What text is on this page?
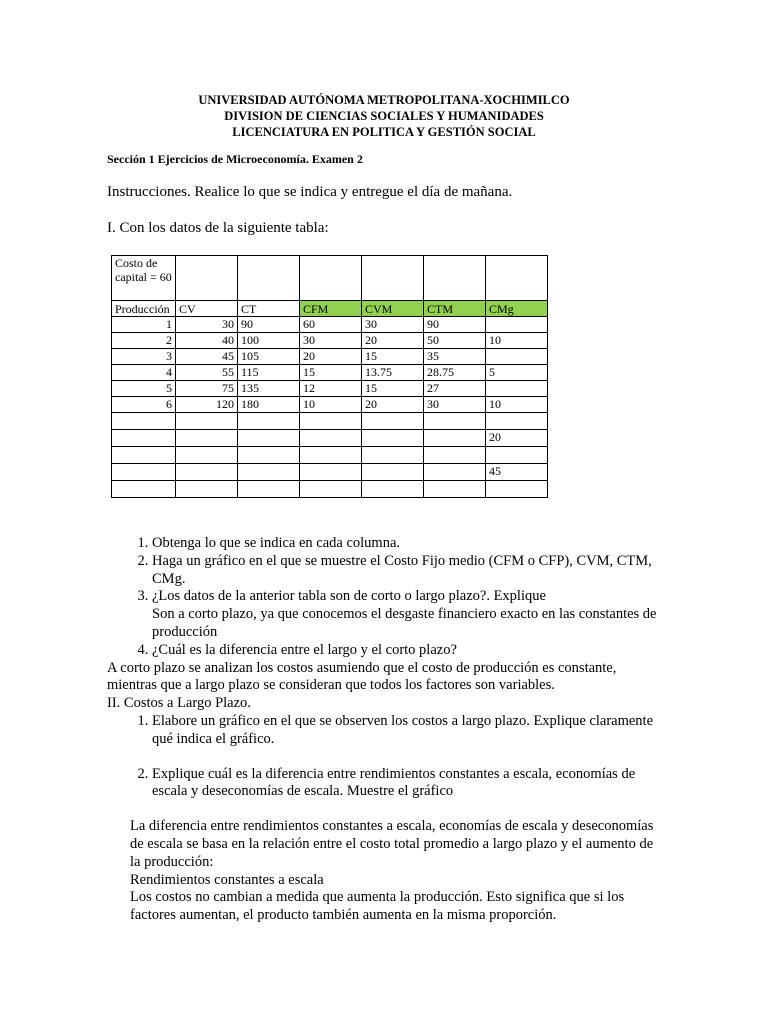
UNIVERSIDAD AUTÓNOMA METROPOLITANA-XOCHIMILCO
DIVISION DE CIENCIAS SOCIALES Y HUMANIDADES
LICENCIATURA EN POLITICA Y GESTIÓN SOCIAL
Sección 1 Ejercicios de Microeconomía. Examen 2
Instrucciones. Realice lo que se indica y entregue el día de mañana.
I. Con los datos de la siguiente tabla:
Costo de capital = 60						
Producción	CV	CT	CFM	CVM	CTM	CMg
1	30	90	60	30	90	
2	40	100	30	20	50	10
3	45	105	20	15	35	
4	55	115	15	13.75	28.75	5
5	75	135	12	15	27	
6	120	180	10	20	30	10

						20

						45

1. Obtenga lo que se indica en cada columna.
2. Haga un gráfico en el que se muestre el Costo Fijo medio (CFM o CFP), CVM, CTM, CMg.
3. ¿Los datos de la anterior tabla son de corto o largo plazo?. Explique
Son a corto plazo, ya que conocemos el desgaste financiero exacto en las constantes de producción
4. ¿Cuál es la diferencia entre el largo y el corto plazo?

A corto plazo se analizan los costos asumiendo que el costo de producción es constante, mientras que a largo plazo se consideran que todos los factores son variables.

II. Costos a Largo Plazo.

1. Elabore un gráfico en el que se observen los costos a largo plazo. Explique claramente qué indica el gráfico.
2. Explique cuál es la diferencia entre rendimientos constantes a escala, economías de escala y deseconomías de escala. Muestre el gráfico

La diferencia entre rendimientos constantes a escala, economías de escala y deseconomías de escala se basa en la relación entre el costo total promedio a largo plazo y el aumento de la producción:

Rendimientos constantes a escala

Los costos no cambian a medida que aumenta la producción. Esto significa que si los factores aumentan, el producto también aumenta en la misma proporción.
